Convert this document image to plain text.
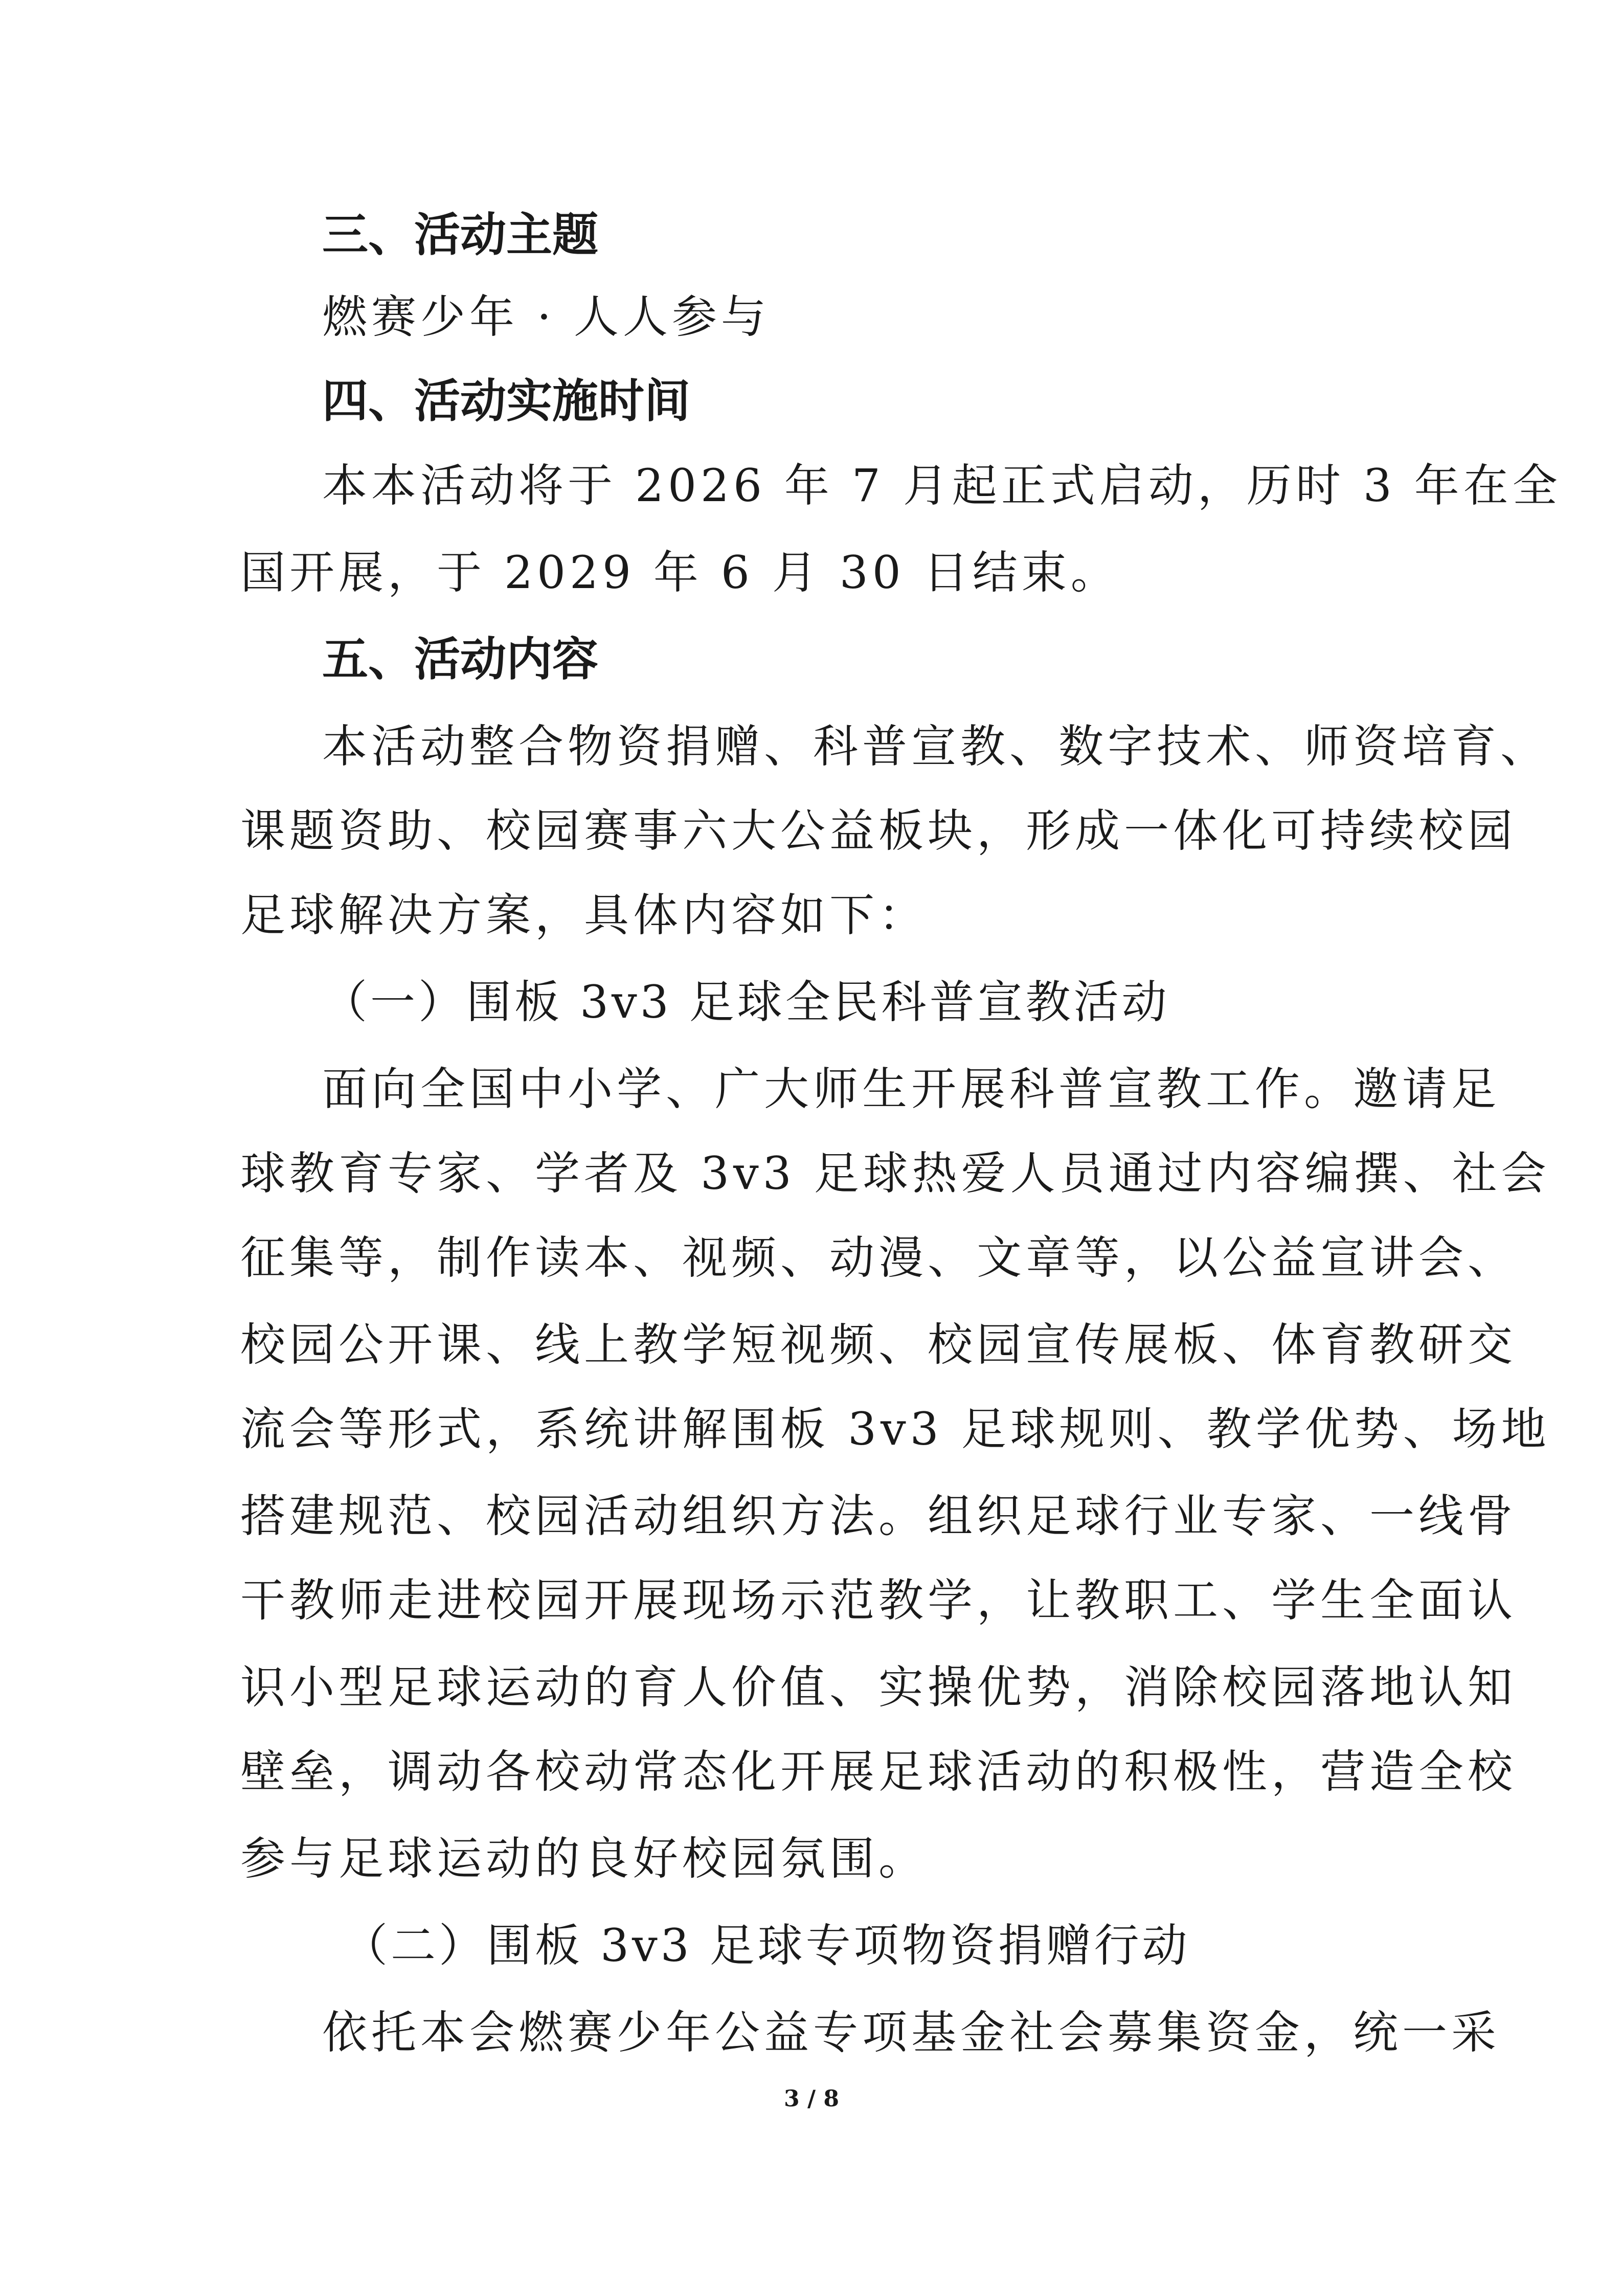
三、活动主题
燃赛少年 · 人人参与
四、活动实施时间
本本活动将于 2026 年 7 月起正式启动，历时 3 年在全
国开展，于 2029 年 6 月 30 日结束。
五、活动内容
本活动整合物资捐赠、科普宣教、数字技术、师资培育、
课题资助、校园赛事六大公益板块，形成一体化可持续校园
足球解决方案，具体内容如下：
（一）围板 3v3 足球全民科普宣教活动
面向全国中小学、广大师生开展科普宣教工作。邀请足
球教育专家、学者及 3v3 足球热爱人员通过内容编撰、社会
征集等，制作读本、视频、动漫、文章等，以公益宣讲会、
校园公开课、线上教学短视频、校园宣传展板、体育教研交
流会等形式，系统讲解围板 3v3 足球规则、教学优势、场地
搭建规范、校园活动组织方法。组织足球行业专家、一线骨
干教师走进校园开展现场示范教学，让教职工、学生全面认
识小型足球运动的育人价值、实操优势，消除校园落地认知
壁垒，调动各校动常态化开展足球活动的积极性，营造全校
参与足球运动的良好校园氛围。
（二）围板 3v3 足球专项物资捐赠行动
依托本会燃赛少年公益专项基金社会募集资金，统一采
3 / 8
